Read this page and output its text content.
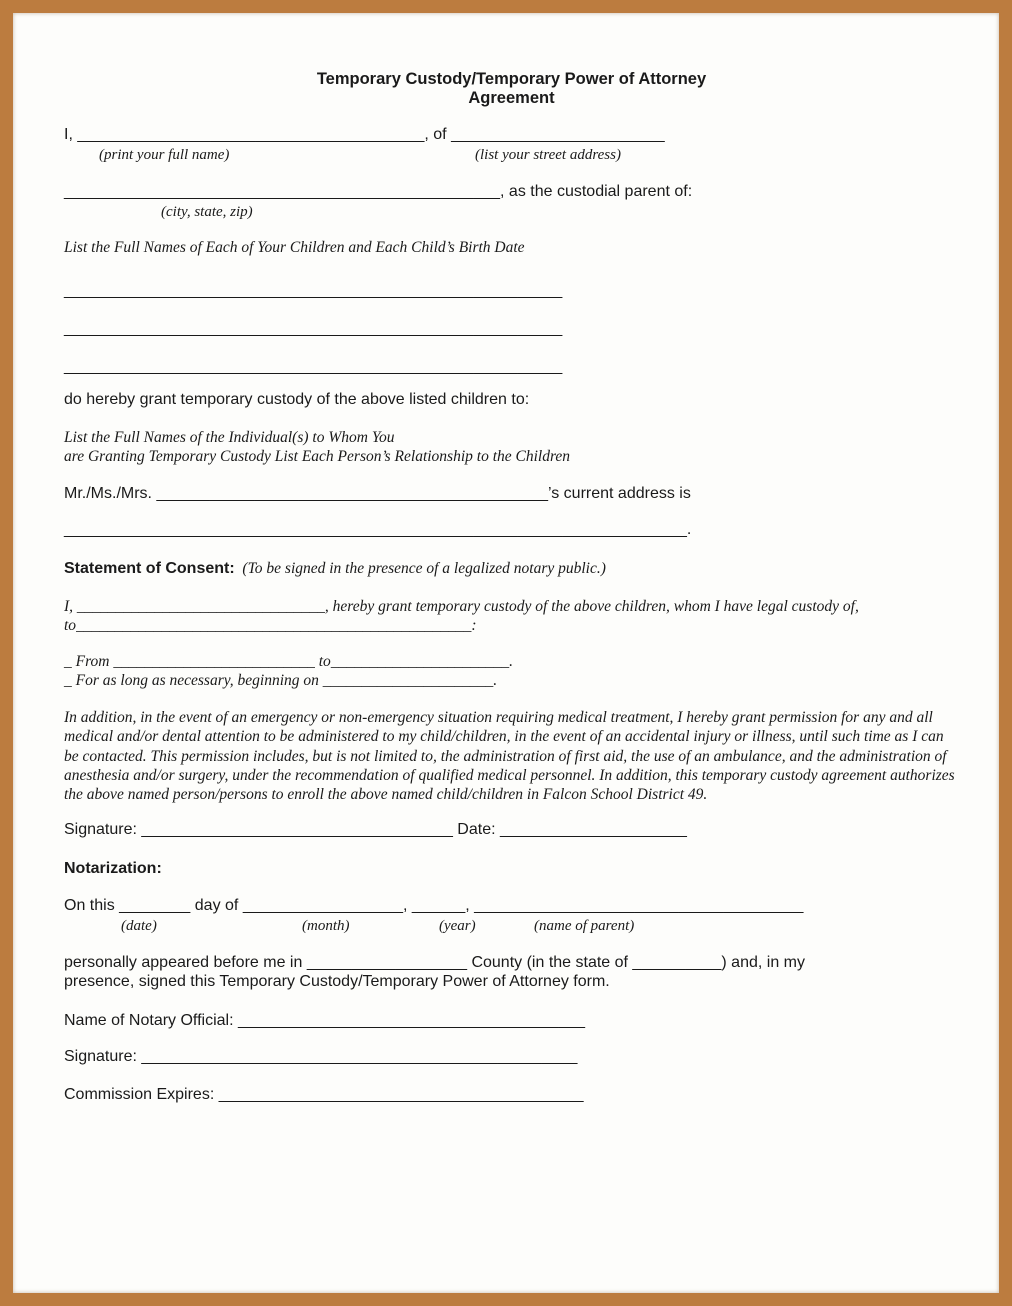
Temporary Custody/Temporary Power of Attorney
Agreement
I, _______________________________________, of ________________________
(print your full name)	(list your street address)
_________________________________________________, as the custodial parent of:
(city, state, zip)
List the Full Names of Each of Your Children and Each Child’s Birth Date
________________________________________________________
________________________________________________________
________________________________________________________
do hereby grant temporary custody of the above listed children to:
List the Full Names of the Individual(s) to Whom You
are Granting Temporary Custody List Each Person’s Relationship to the Children
Mr./Ms./Mrs. ____________________________________________’s current address is
______________________________________________________________________.
Statement of Consent:  (To be signed in the presence of a legalized notary public.)
I, ________________________________, hereby grant temporary custody of the above children, whom I have legal custody of,
to___________________________________________________:
_ From __________________________ to_______________________.
_ For as long as necessary, beginning on ______________________.
In addition, in the event of an emergency or non-emergency situation requiring medical treatment, I hereby grant permission for any and all medical and/or dental attention to be administered to my child/children, in the event of an accidental injury or illness, until such time as I can be contacted. This permission includes, but is not limited to, the administration of first aid, the use of an ambulance, and the administration of anesthesia and/or surgery, under the recommendation of qualified medical personnel. In addition, this temporary custody agreement authorizes the above named person/persons to enroll the above named child/children in Falcon School District 49.
Signature: ___________________________________ Date: _____________________
Notarization:
On this ________ day of __________________, ______, _____________________________________
(date)	(month)	(year)	(name of parent)
personally appeared before me in __________________ County (in the state of __________) and, in my
presence, signed this Temporary Custody/Temporary Power of Attorney form.
Name of Notary Official: _______________________________________
Signature: _________________________________________________
Commission Expires: _________________________________________
